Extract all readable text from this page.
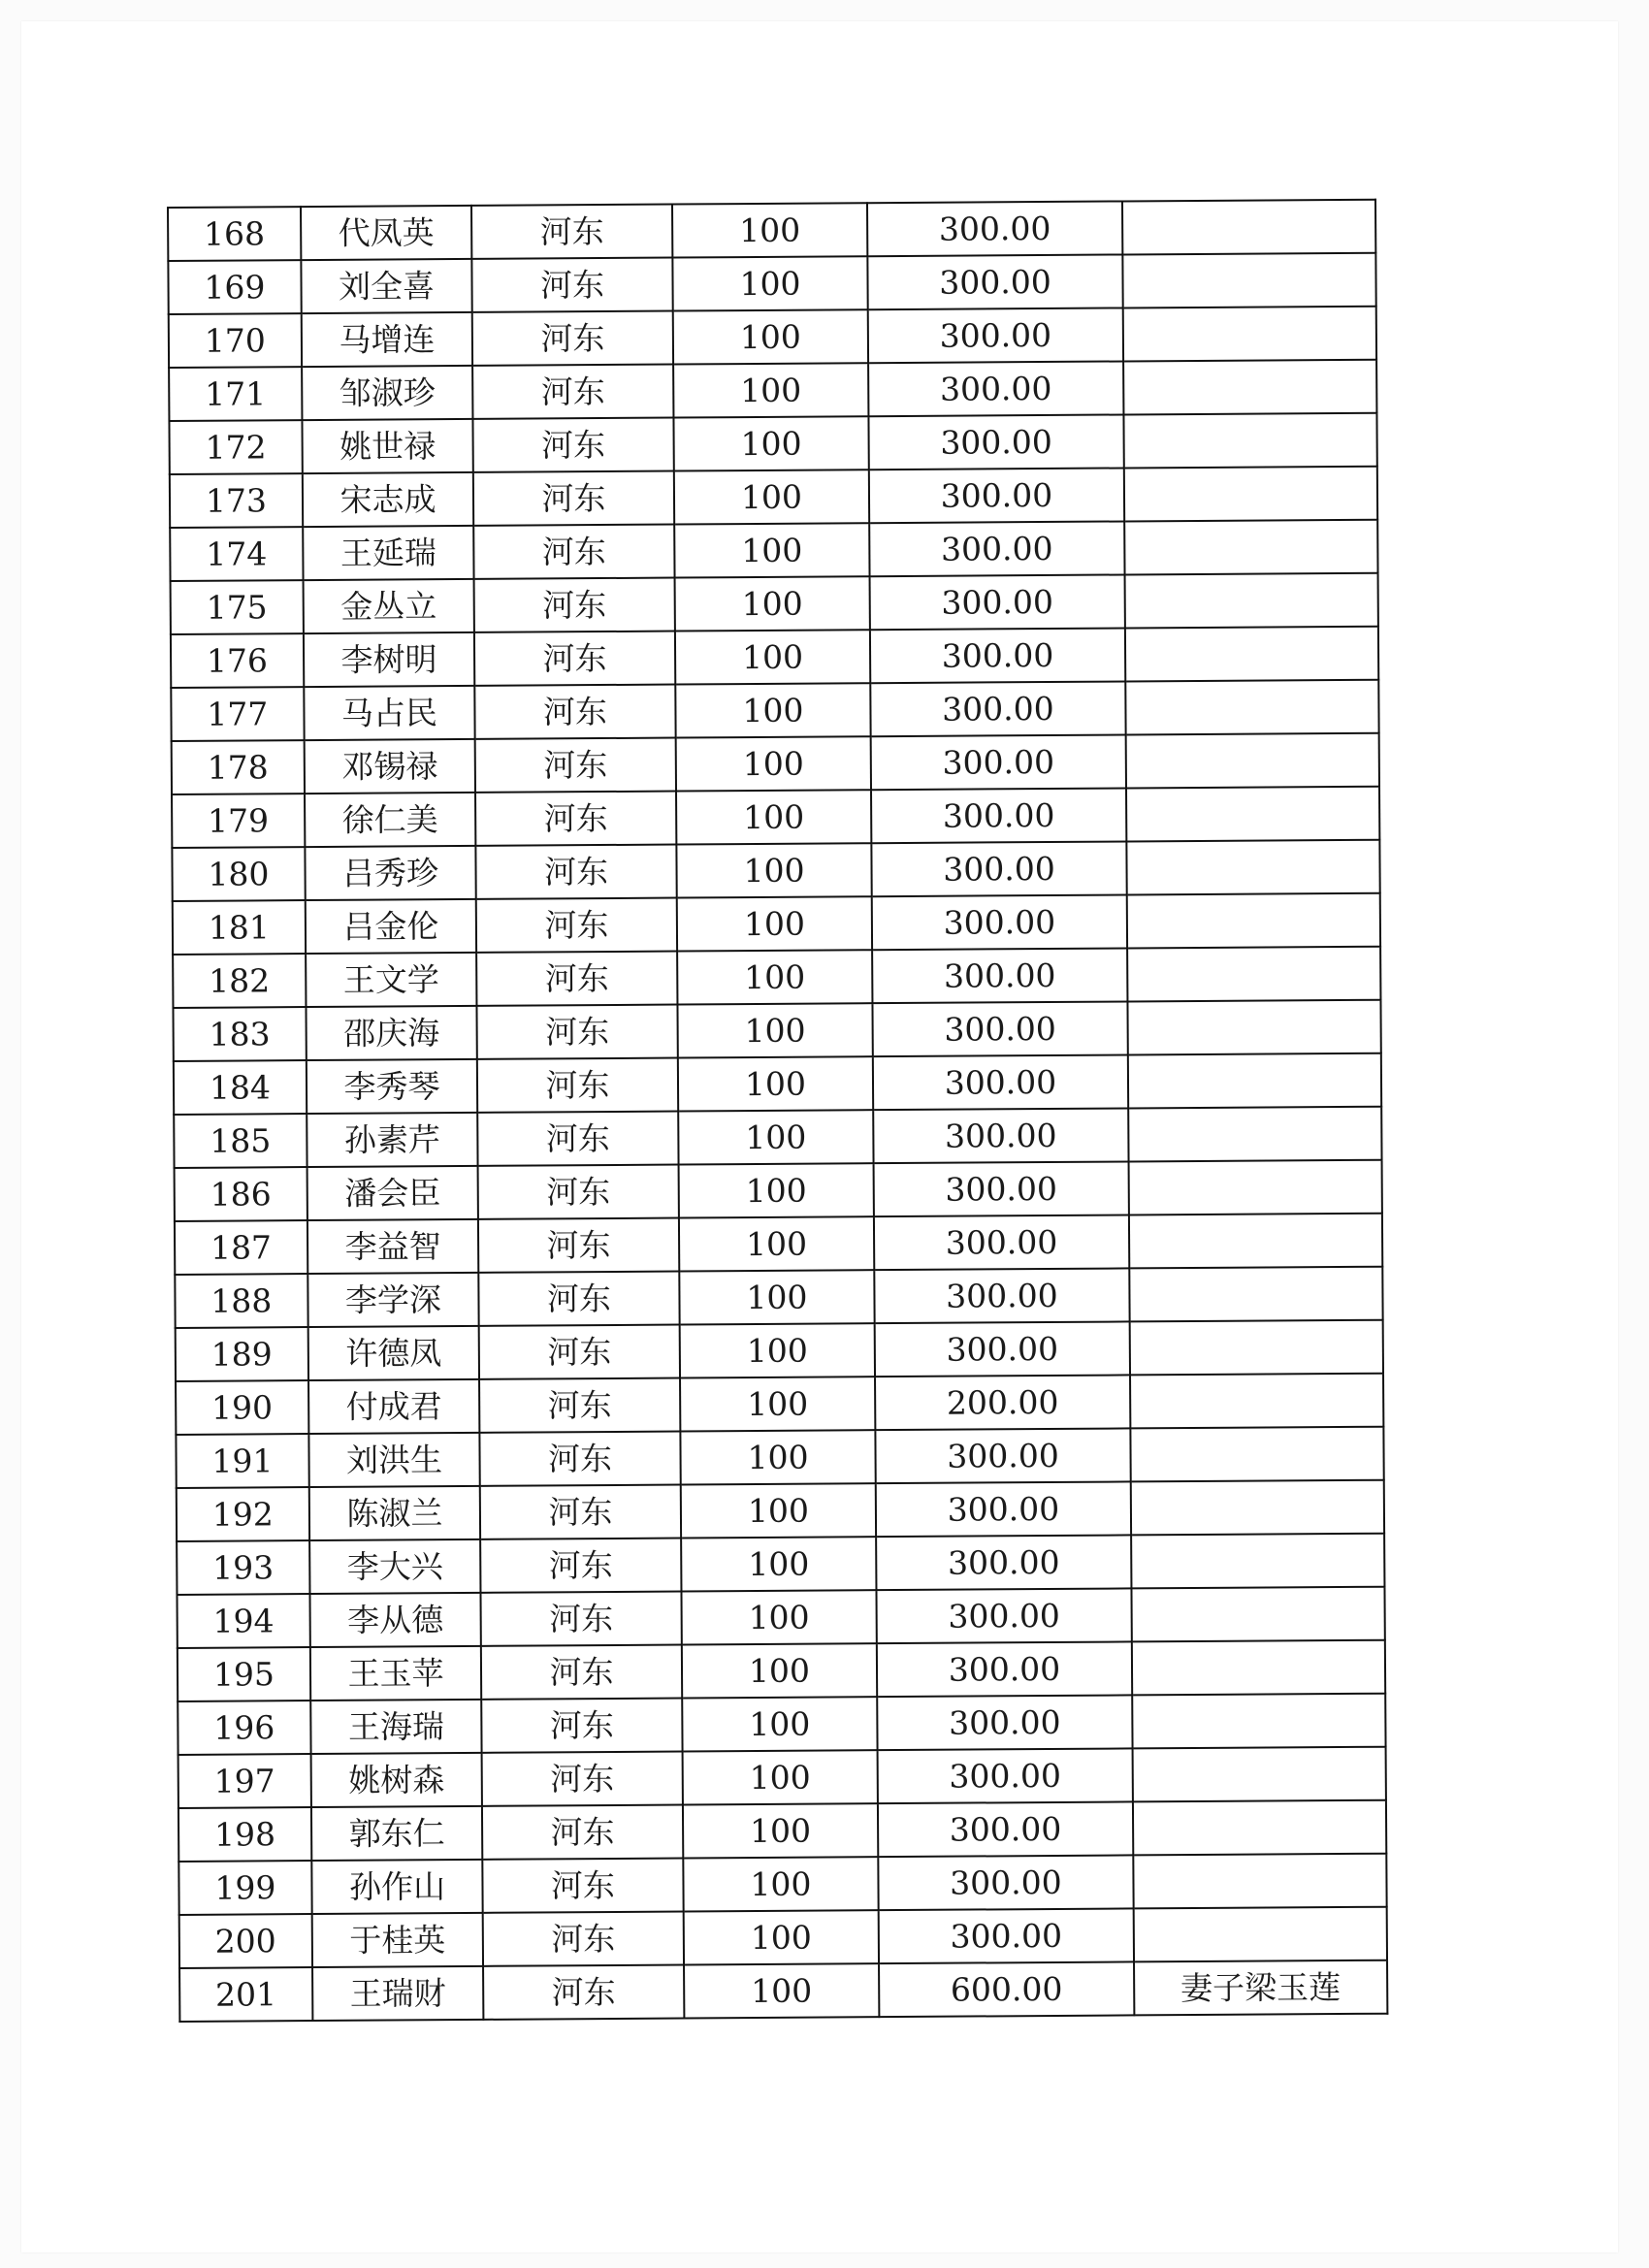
168	代凤英	河东	100	300.00	
169	刘全喜	河东	100	300.00	
170	马增连	河东	100	300.00	
171	邹淑珍	河东	100	300.00	
172	姚世禄	河东	100	300.00	
173	宋志成	河东	100	300.00	
174	王延瑞	河东	100	300.00	
175	金丛立	河东	100	300.00	
176	李树明	河东	100	300.00	
177	马占民	河东	100	300.00	
178	邓锡禄	河东	100	300.00	
179	徐仁美	河东	100	300.00	
180	吕秀珍	河东	100	300.00	
181	吕金伦	河东	100	300.00	
182	王文学	河东	100	300.00	
183	邵庆海	河东	100	300.00	
184	李秀琴	河东	100	300.00	
185	孙素芹	河东	100	300.00	
186	潘会臣	河东	100	300.00	
187	李益智	河东	100	300.00	
188	李学深	河东	100	300.00	
189	许德凤	河东	100	300.00	
190	付成君	河东	100	200.00	
191	刘洪生	河东	100	300.00	
192	陈淑兰	河东	100	300.00	
193	李大兴	河东	100	300.00	
194	李从德	河东	100	300.00	
195	王玉苹	河东	100	300.00	
196	王海瑞	河东	100	300.00	
197	姚树森	河东	100	300.00	
198	郭东仁	河东	100	300.00	
199	孙作山	河东	100	300.00	
200	于桂英	河东	100	300.00	
201	王瑞财	河东	100	600.00	妻子梁玉莲
